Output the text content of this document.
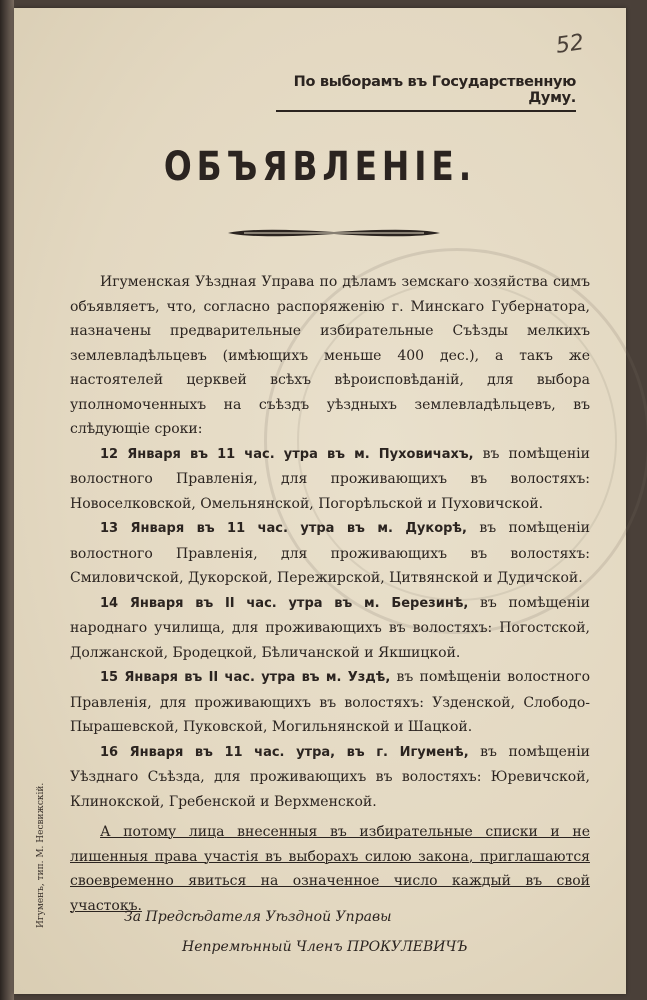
52
По выборамъ въ Государственную Думу.
ОБЪЯВЛЕНІЕ.

Игуменская Уѣздная Управа по дѣламъ земскаго хозяйства симъ объявляетъ, что, согласно распоряженію г. Минскаго Губернатора, назначены предварительные избирательные Съѣзды мелкихъ землевладѣльцевъ (имѣющихъ меньше 400 дес.), а такъ же настоятелей церквей всѣхъ вѣроисповѣданій, для выбора уполномоченныхъ на съѣздъ уѣздныхъ землевладѣльцевъ, въ слѣдующіе сроки:

12 Января въ 11 час. утра въ м. Пуховичахъ, въ помѣщеніи волостного Правленія, для проживающихъ въ волостяхъ: Новоселковской, Омельнянской, Погорѣльской и Пуховичской.

13 Января въ 11 час. утра въ м. Дукорѣ, въ помѣщеніи волостного Правленія, для проживающихъ въ волостяхъ: Смиловичской, Дукорской, Пережирской, Цитвянской и Дудичской.

14 Января въ II час. утра въ м. Березинѣ, въ помѣщеніи народнаго училища, для проживающихъ въ волостяхъ: Погостской, Должанской, Бродецкой, Бѣличанской и Якшицкой.

15 Января въ II час. утра въ м. Уздѣ, въ помѣщеніи волостного Правленія, для проживающихъ въ волостяхъ: Узденской, Слободо-Пырашевской, Пуковской, Могильнянской и Шацкой.

16 Января въ 11 час. утра, въ г. Игуменѣ, въ помѣщеніи Уѣзднаго Съѣзда, для проживающихъ въ волостяхъ: Юревичской, Клинокской, Гребенской и Верхменской.

А потому лица внесенныя въ избирательные списки и не лишенныя права участія въ выборахъ силою закона, приглашаются своевременно явиться на означенное число каждый въ свой участокъ.

Игуменъ, тип. М. Несвижскій.	За Предсѣдателя Уѣздной Управы
Непремѣнный Членъ ПРОКУЛЕВИЧЪ
